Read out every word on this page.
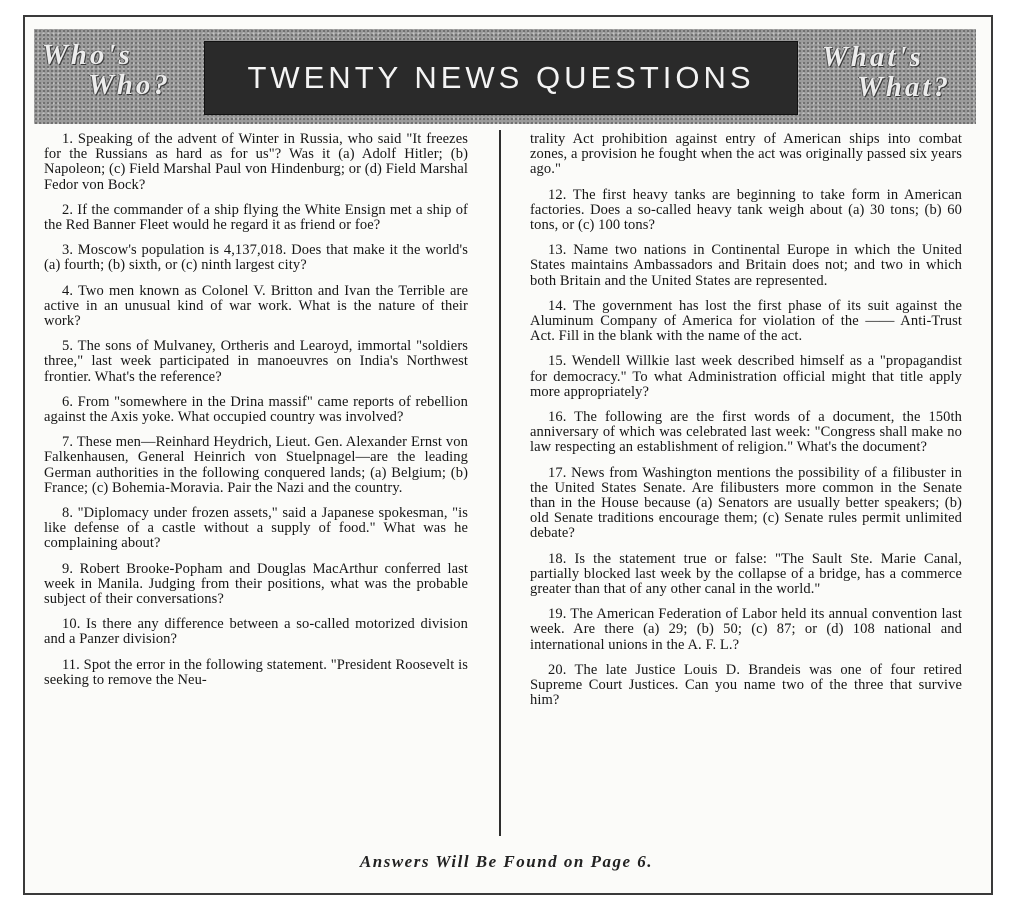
Who's
Who? TWENTY NEWS QUESTIONS
What's
What?

1. Speaking of the advent of Winter in Russia, who said "It freezes for the Russians as hard as for us"? Was it (a) Adolf Hitler; (b) Napoleon; (c) Field Marshal Paul von Hindenburg; or (d) Field Marshal Fedor von Bock?

2. If the commander of a ship flying the White Ensign met a ship of the Red Banner Fleet would he regard it as friend or foe?

3. Moscow's population is 4,137,018. Does that make it the world's (a) fourth; (b) sixth, or (c) ninth largest city?

4. Two men known as Colonel V. Britton and Ivan the Terrible are active in an unusual kind of war work. What is the nature of their work?

5. The sons of Mulvaney, Ortheris and Learoyd, immortal "soldiers three," last week participated in manoeuvres on India's Northwest frontier. What's the reference?

6. From "somewhere in the Drina massif" came reports of rebellion against the Axis yoke. What occupied country was involved?

7. These men—Reinhard Heydrich, Lieut. Gen. Alexander Ernst von Falkenhausen, General Heinrich von Stuelpnagel—are the leading German authorities in the following conquered lands; (a) Belgium; (b) France; (c) Bohemia-Moravia. Pair the Nazi and the country.

8. "Diplomacy under frozen assets," said a Japanese spokesman, "is like defense of a castle without a supply of food." What was he complaining about?

9. Robert Brooke-Popham and Douglas MacArthur conferred last week in Manila. Judging from their positions, what was the probable subject of their conversations?

10. Is there any difference between a so-called motorized division and a Panzer division?

11. Spot the error in the following statement. "President Roosevelt is seeking to remove the Neu-

trality Act prohibition against entry of American ships into combat zones, a provision he fought when the act was originally passed six years ago."

12. The first heavy tanks are beginning to take form in American factories. Does a so-called heavy tank weigh about (a) 30 tons; (b) 60 tons, or (c) 100 tons?

13. Name two nations in Continental Europe in which the United States maintains Ambassadors and Britain does not; and two in which both Britain and the United States are represented.

14. The government has lost the first phase of its suit against the Aluminum Company of America for violation of the —— Anti-Trust Act. Fill in the blank with the name of the act.

15. Wendell Willkie last week described himself as a "propagandist for democracy." To what Administration official might that title apply more appropriately?

16. The following are the first words of a document, the 150th anniversary of which was celebrated last week: "Congress shall make no law respecting an establishment of religion." What's the document?

17. News from Washington mentions the possibility of a filibuster in the United States Senate. Are filibusters more common in the Senate than in the House because (a) Senators are usually better speakers; (b) old Senate traditions encourage them; (c) Senate rules permit unlimited debate?

18. Is the statement true or false: "The Sault Ste. Marie Canal, partially blocked last week by the collapse of a bridge, has a commerce greater than that of any other canal in the world."

19. The American Federation of Labor held its annual convention last week. Are there (a) 29; (b) 50; (c) 87; or (d) 108 national and international unions in the A. F. L.?

20. The late Justice Louis D. Brandeis was one of four retired Supreme Court Justices. Can you name two of the three that survive him?

Answers Will Be Found on Page 6.
